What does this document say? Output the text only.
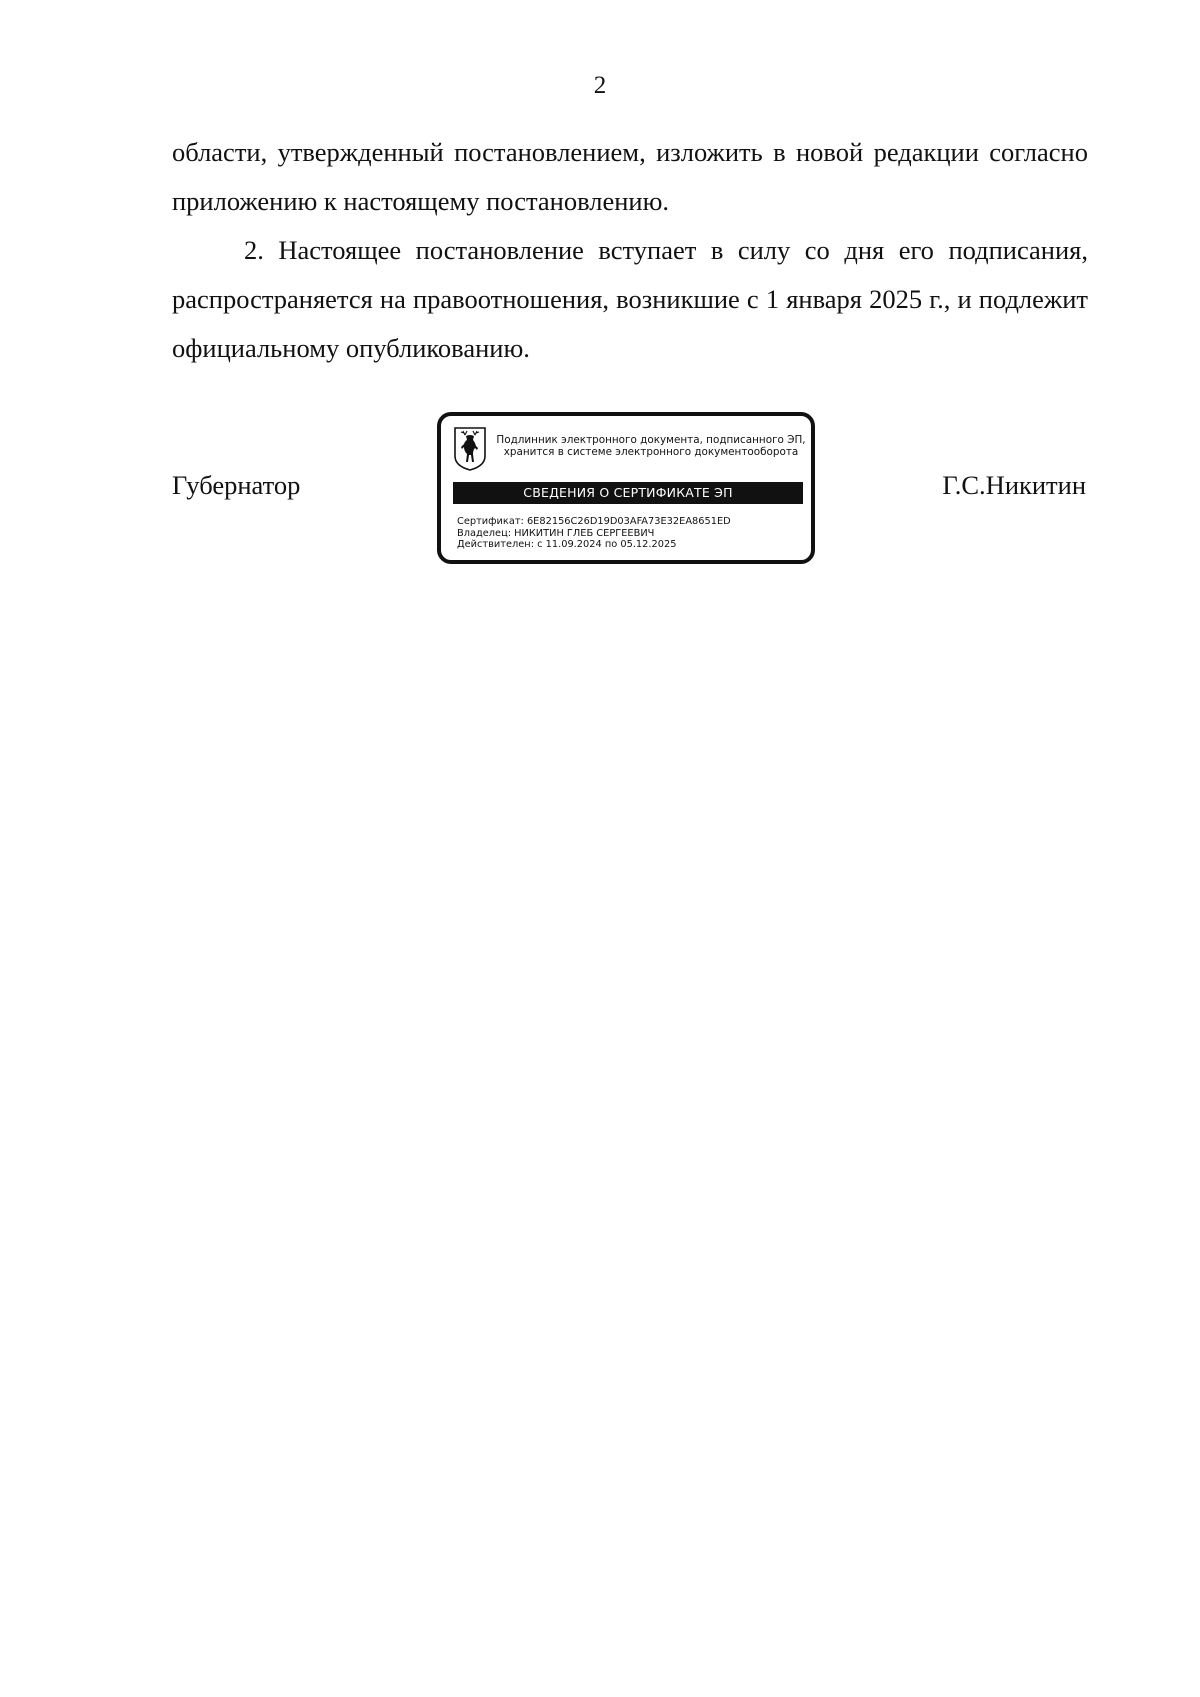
2

области, утвержденный постановлением, изложить в новой редакции согласно приложению к настоящему постановлению.

2. Настоящее постановление вступает в силу со дня его подписания, распространяется на правоотношения, возникшие с 1 января 2025 г., и подлежит официальному опубликованию.

Губернатор
Подлинник электронного документа, подписанного ЭП,
хранится в системе электронного документооборота
СВЕДЕНИЯ О СЕРТИФИКАТЕ ЭП
Сертификат: 6E82156C26D19D03AFA73E32EA8651ED
Владелец: НИКИТИН ГЛЕБ СЕРГЕЕВИЧ
Действителен: с 11.09.2024 по 05.12.2025
Г.С.Никитин
